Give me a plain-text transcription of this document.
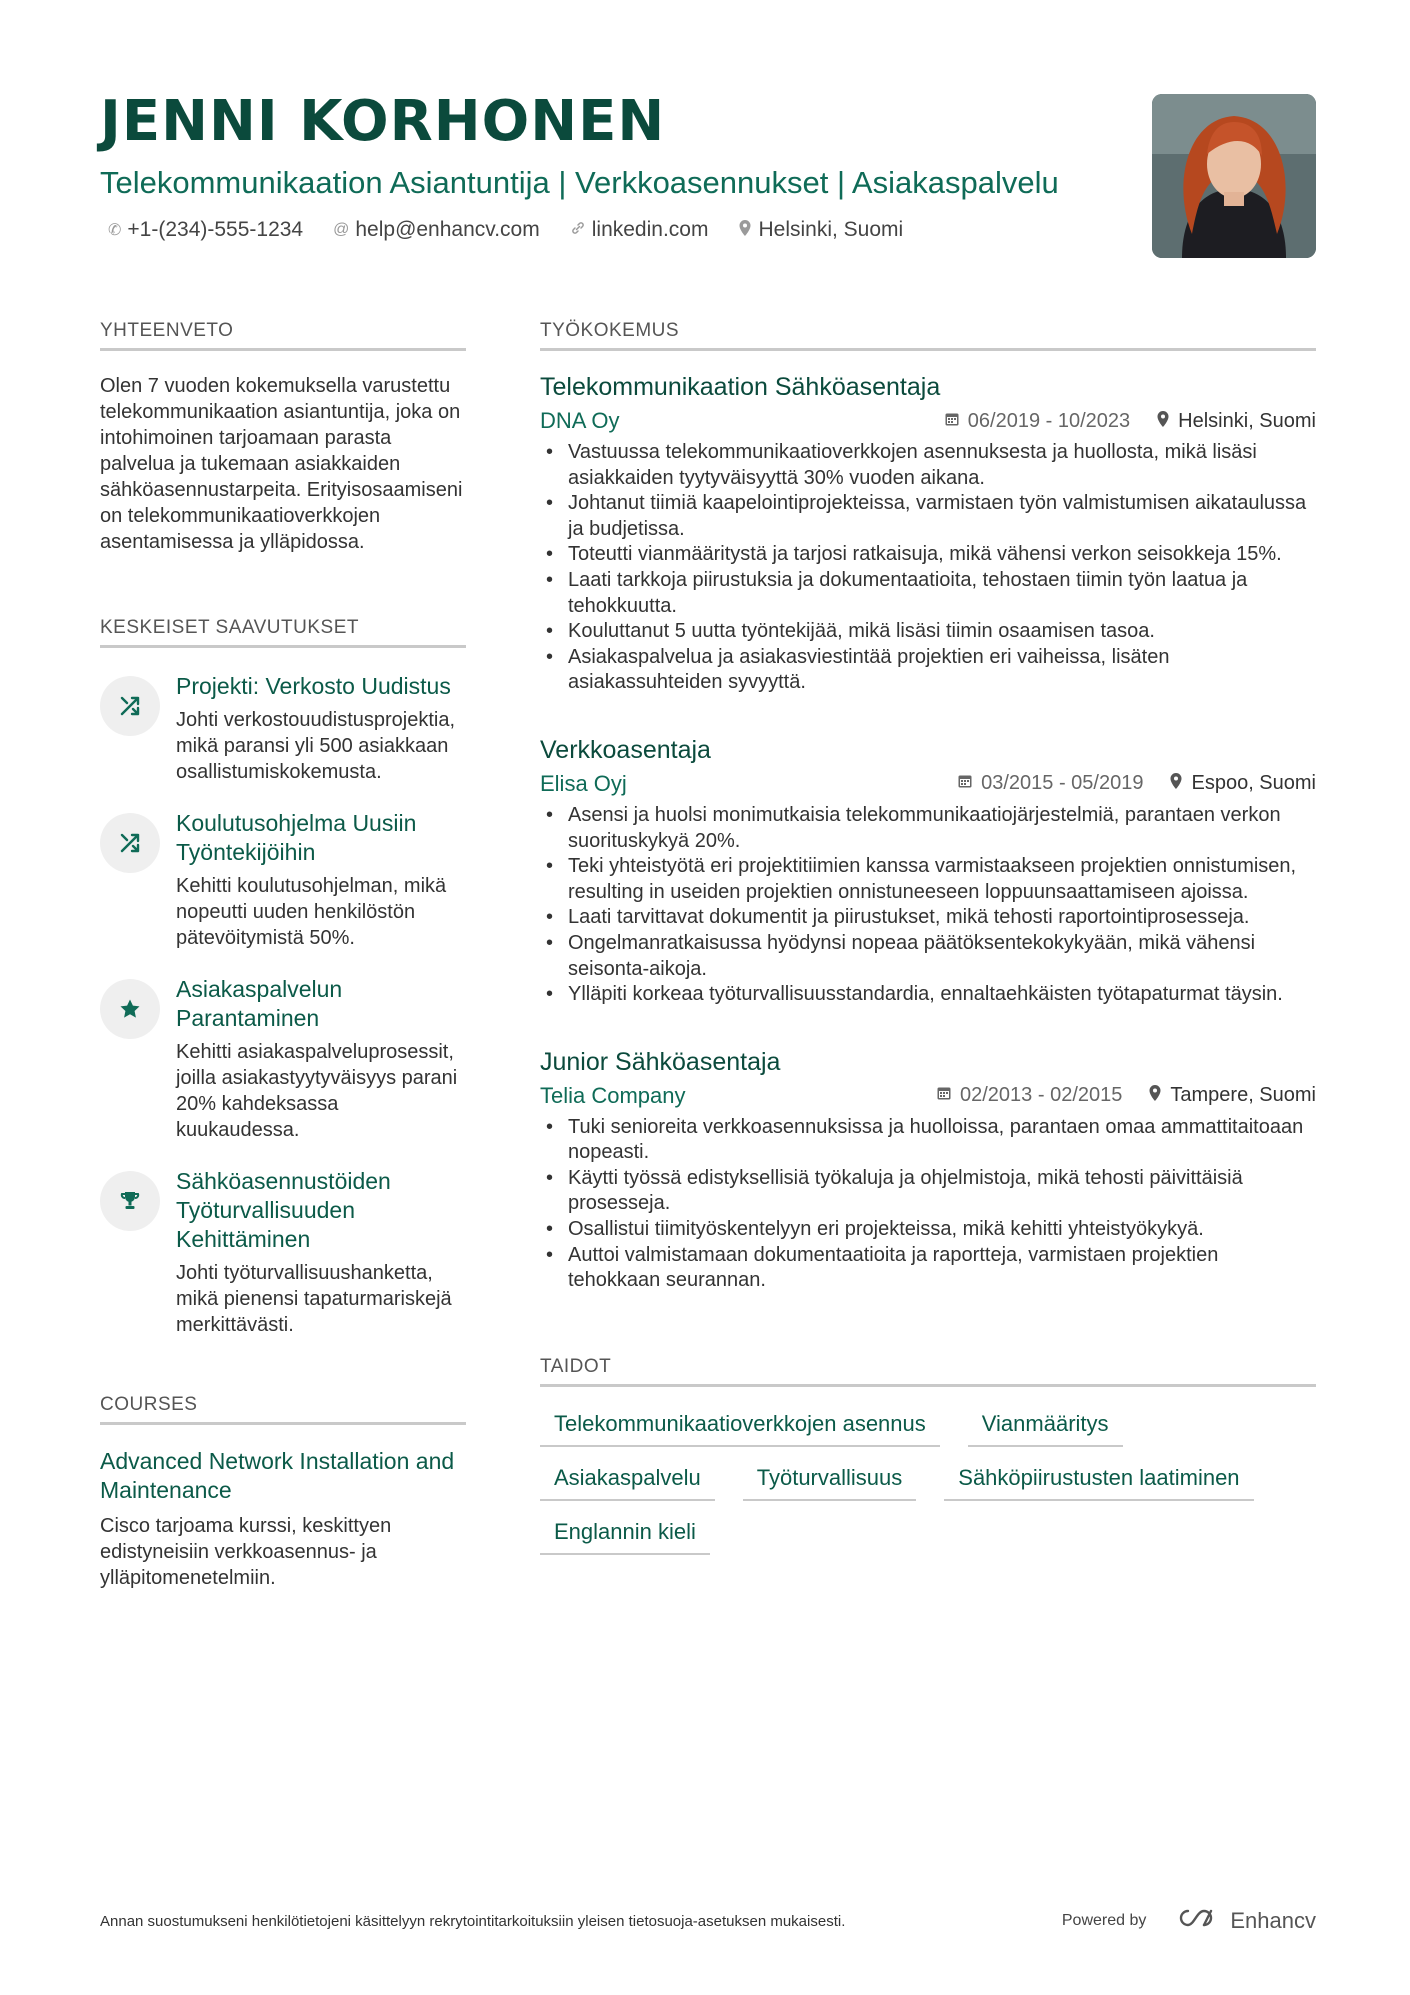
JENNI KORHONEN
Telekommunikaation Asiantuntija | Verkkoasennukset | Asiakaspalvelu
✆ +1-(234)-555-1234 @ help@enhancv.com linkedin.com Helsinki, Suomi
YHTEENVETO
Olen 7 vuoden kokemuksella varustettu telekommunikaation asiantuntija, joka on intohimoinen tarjoamaan parasta palvelua ja tukemaan asiakkaiden sähköasennustarpeita. Erityisosaamiseni on telekommunikaatioverkkojen asentamisessa ja ylläpidossa.
KESKEISET SAAVUTUKSET
Projekti: Verkosto Uudistus
Johti verkostouudistusprojektia, mikä paransi yli 500 asiakkaan osallistumiskokemusta.
Koulutusohjelma Uusiin Työntekijöihin
Kehitti koulutusohjelman, mikä nopeutti uuden henkilöstön pätevöitymistä 50%.
Asiakaspalvelun Parantaminen
Kehitti asiakaspalveluprosessit, joilla asiakastyytyväisyys parani 20% kahdeksassa kuukaudessa.
Sähköasennustöiden Työturvallisuuden Kehittäminen
Johti työturvallisuushanketta, mikä pienensi tapaturmariskejä merkittävästi.
COURSES
Advanced Network Installation and Maintenance
Cisco tarjoama kurssi, keskittyen edistyneisiin verkkoasennus- ja ylläpitomenetelmiin.
TYÖKOKEMUS
Telekommunikaation Sähköasentaja
DNA Oy	06/2019 - 10/2023 Helsinki, Suomi
• Vastuussa telekommunikaatioverkkojen asennuksesta ja huollosta, mikä lisäsi asiakkaiden tyytyväisyyttä 30% vuoden aikana.
• Johtanut tiimiä kaapelointiprojekteissa, varmistaen työn valmistumisen aikataulussa ja budjetissa.
• Toteutti vianmääritystä ja tarjosi ratkaisuja, mikä vähensi verkon seisokkeja 15%.
• Laati tarkkoja piirustuksia ja dokumentaatioita, tehostaen tiimin työn laatua ja tehokkuutta.
• Kouluttanut 5 uutta työntekijää, mikä lisäsi tiimin osaamisen tasoa.
• Asiakaspalvelua ja asiakasviestintää projektien eri vaiheissa, lisäten asiakassuhteiden syvyyttä.
Verkkoasentaja
Elisa Oyj	03/2015 - 05/2019 Espoo, Suomi
• Asensi ja huolsi monimutkaisia telekommunikaatiojärjestelmiä, parantaen verkon suorituskykyä 20%.
• Teki yhteistyötä eri projektitiimien kanssa varmistaakseen projektien onnistumisen, resulting in useiden projektien onnistuneeseen loppuunsaattamiseen ajoissa.
• Laati tarvittavat dokumentit ja piirustukset, mikä tehosti raportointiprosesseja.
• Ongelmanratkaisussa hyödynsi nopeaa päätöksentekokykyään, mikä vähensi seisonta-aikoja.
• Ylläpiti korkeaa työturvallisuusstandardia, ennaltaehkäisten työtapaturmat täysin.
Junior Sähköasentaja
Telia Company	02/2013 - 02/2015 Tampere, Suomi
• Tuki senioreita verkkoasennuksissa ja huolloissa, parantaen omaa ammattitaitoaan nopeasti.
• Käytti työssä edistyksellisiä työkaluja ja ohjelmistoja, mikä tehosti päivittäisiä prosesseja.
• Osallistui tiimityöskentelyyn eri projekteissa, mikä kehitti yhteistyökykyä.
• Auttoi valmistamaan dokumentaatioita ja raportteja, varmistaen projektien tehokkaan seurannan.
TAIDOT
Telekommunikaatioverkkojen asennus	Vianmääritys
Asiakaspalvelu	Työturvallisuus	Sähköpiirustusten laatiminen
Englannin kieli
Annan suostumukseni henkilötietojeni käsittelyyn rekrytointitarkoituksiin yleisen tietosuoja-asetuksen mukaisesti.	Powered by	Enhancv
